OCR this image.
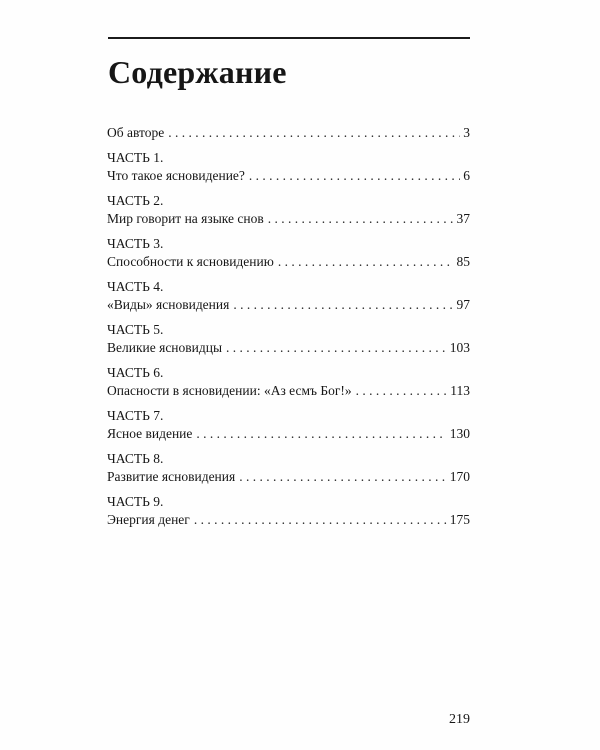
Содержание
Об авторе . . .	3
ЧАСТЬ 1.
Что такое ясновидение? . . .	6
ЧАСТЬ 2.
Мир говорит на языке снов . . .	37
ЧАСТЬ 3.
Способности к ясновидению . . .	85
ЧАСТЬ 4.
«Виды» ясновидения . . .	97
ЧАСТЬ 5.
Великие ясновидцы . . .	103
ЧАСТЬ 6.
Опасности в ясновидении: «Аз есмъ Бог!» . . .	113
ЧАСТЬ 7.
Ясное видение . . .	130
ЧАСТЬ 8.
Развитие ясновидения . . .	170
ЧАСТЬ 9.
Энергия денег . . .	175
219
